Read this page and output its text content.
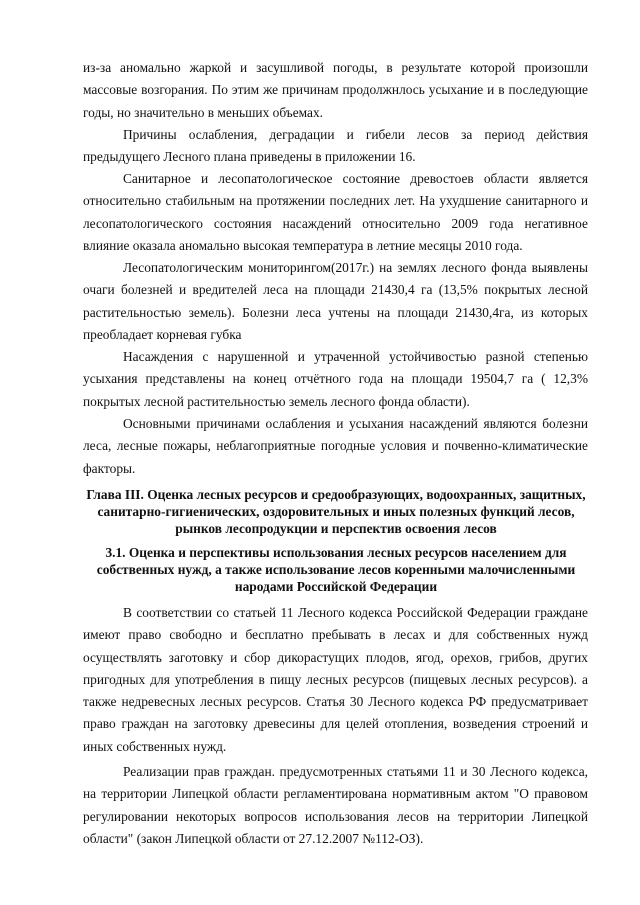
из-за аномально жаркой и засушливой погоды, в результате которой произошли массовые возгорания. По этим же причинам продолжнлось усыхание и в последующие годы, но значительно в меньших объемах.

Причины ослабления, деградации и гибели лесов за период действия предыдущего Лесного плана приведены в приложении 16.

Санитарное и лесопатологическое состояние древостоев области является относительно стабильным на протяжении последних лет. На ухудшение санитарного и лесопатологического состояния насаждений относительно 2009 года негативное влияние оказала аномально высокая температура в летние месяцы 2010 года.

Лесопатологическим мониторингом(2017г.) на землях лесного фонда выявлены очаги болезней и вредителей леса на площади 21430,4 га (13,5% покрытых лесной растительностью земель). Болезни леса учтены на площади 21430,4га, из которых преобладает корневая губка

Насаждения с нарушенной и утраченной устойчивостью разной степенью усыхания представлены на конец отчётного года на площади 19504,7 га ( 12,3% покрытых лесной растительностью земель лесного фонда области).

Основными причинами ослабления и усыхания насаждений являются болезни леса, лесные пожары, неблагоприятные погодные условия и почвенно-климатические факторы.

Глава III. Оценка лесных ресурсов и средообразующих, водоохранных, защитных,
санитарно-гигиенических, оздоровительных и иных полезных функций лесов,
рынков лесопродукции и перспектив освоения лесов
3.1. Оценка и перспективы использования лесных ресурсов населением для
собственных нужд, а также использование лесов коренными малочисленными
народами Российской Федерации

В соответствии со статьей 11 Лесного кодекса Российской Федерации граждане имеют право свободно и бесплатно пребывать в лесах и для собственных нужд осуществлять заготовку и сбор дикорастущих плодов, ягод, орехов, грибов, других пригодных для употребления в пищу лесных ресурсов (пищевых лесных ресурсов). а также недревесных лесных ресурсов. Статья 30 Лесного кодекса РФ предусматривает право граждан на заготовку древесины для целей отопления, возведения строений и иных собственных нужд.

Реализации прав граждан. предусмотренных статьями 11 и 30 Лесного кодекса, на территории Липецкой области регламентирована нормативным актом "О правовом регулировании некоторых вопросов использования лесов на территории Липецкой области" (закон Липецкой области от 27.12.2007 №112-ОЗ).
